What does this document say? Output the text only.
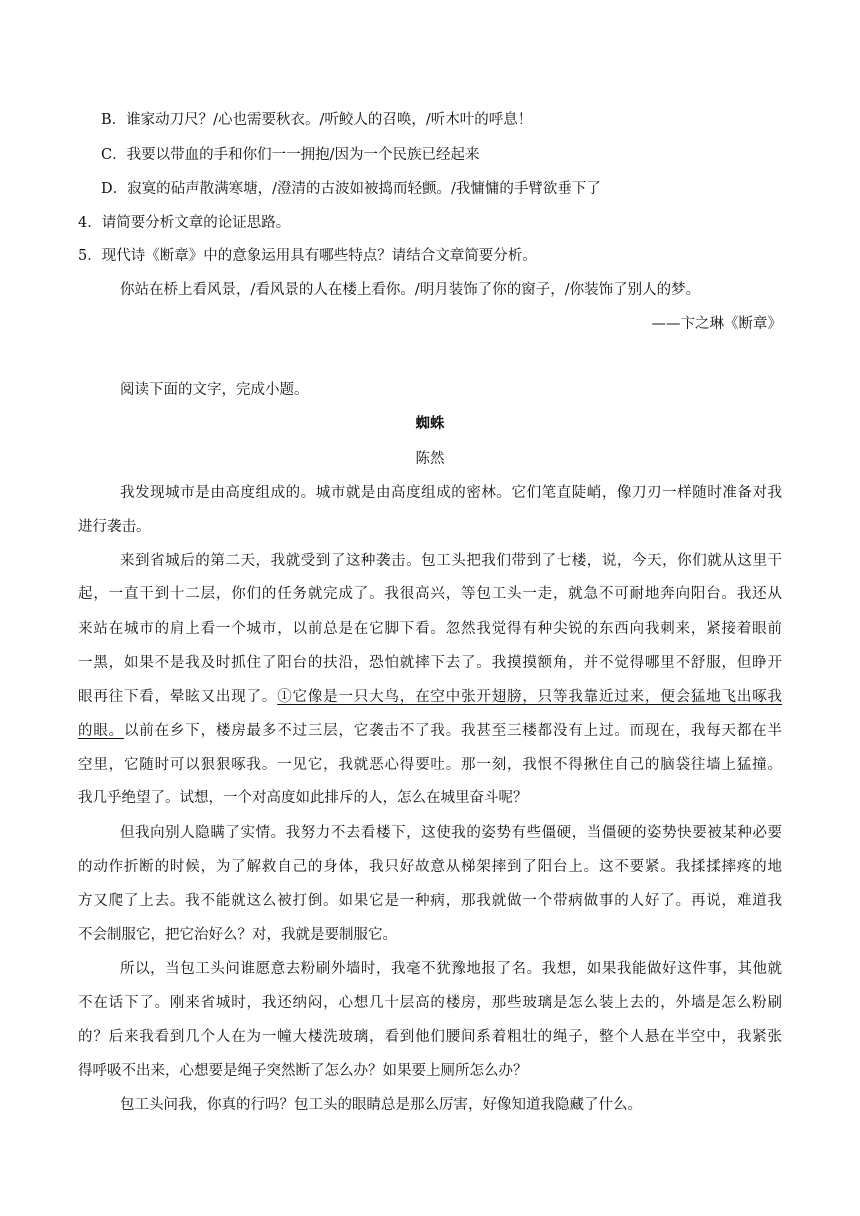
B．谁家动刀尺？/心也需要秋衣。/听鲛人的召唤，/听木叶的呼息！
C．我要以带血的手和你们一一拥抱/因为一个民族已经起来
D．寂寞的砧声散满寒塘，/澄清的古波如被捣而轻颤。/我慵慵的手臂欲垂下了
4．请简要分析文章的论证思路。
5．现代诗《断章》中的意象运用具有哪些特点？请结合文章简要分析。
你站在桥上看风景，/看风景的人在楼上看你。/明月装饰了你的窗子，/你装饰了别人的梦。
——卞之琳《断章》
阅读下面的文字，完成小题。
蜘蛛
陈然
我发现城市是由高度组成的。城市就是由高度组成的密林。它们笔直陡峭，像刀刃一样随时准备对我
进行袭击。
来到省城后的第二天，我就受到了这种袭击。包工头把我们带到了七楼，说，今天，你们就从这里干
起，一直干到十二层，你们的任务就完成了。我很高兴，等包工头一走，就急不可耐地奔向阳台。我还从
来站在城市的肩上看一个城市，以前总是在它脚下看。忽然我觉得有种尖锐的东西向我刺来，紧接着眼前
一黑，如果不是我及时抓住了阳台的扶沿，恐怕就摔下去了。我摸摸额角，并不觉得哪里不舒服，但睁开
眼再往下看，晕眩又出现了。①它像是一只大鸟，在空中张开翅膀，只等我靠近过来，便会猛地飞出啄我
的眼。以前在乡下，楼房最多不过三层，它袭击不了我。我甚至三楼都没有上过。而现在，我每天都在半
空里，它随时可以狠狠啄我。一见它，我就恶心得要吐。那一刻，我恨不得揪住自己的脑袋往墙上猛撞。
我几乎绝望了。试想，一个对高度如此排斥的人，怎么在城里奋斗呢？
但我向别人隐瞒了实情。我努力不去看楼下，这使我的姿势有些僵硬，当僵硬的姿势快要被某种必要
的动作折断的时候，为了解救自己的身体，我只好故意从梯架摔到了阳台上。这不要紧。我揉揉摔疼的地
方又爬了上去。我不能就这么被打倒。如果它是一种病，那我就做一个带病做事的人好了。再说，难道我
不会制服它，把它治好么？对，我就是要制服它。
所以，当包工头问谁愿意去粉刷外墙时，我毫不犹豫地报了名。我想，如果我能做好这件事，其他就
不在话下了。刚来省城时，我还纳闷，心想几十层高的楼房，那些玻璃是怎么装上去的，外墙是怎么粉刷
的？后来我看到几个人在为一幢大楼洗玻璃，看到他们腰间系着粗壮的绳子，整个人悬在半空中，我紧张
得呼吸不出来，心想要是绳子突然断了怎么办？如果要上厕所怎么办？
包工头问我，你真的行吗？包工头的眼睛总是那么厉害，好像知道我隐藏了什么。
